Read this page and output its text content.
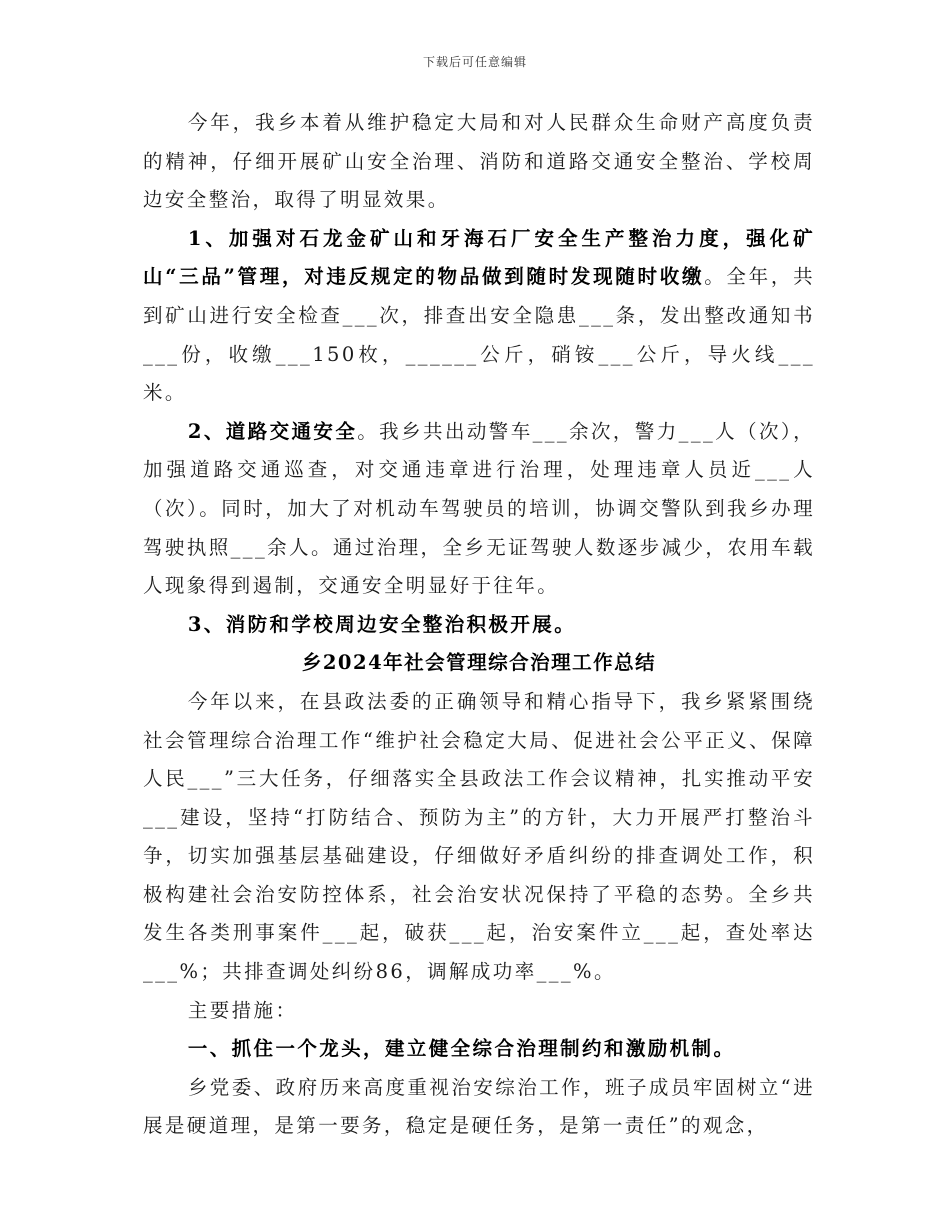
下载后可任意编辑

今年，我乡本着从维护稳定大局和对人民群众生命财产高度负责的精神，仔细开展矿山安全治理、消防和道路交通安全整治、学校周边安全整治，取得了明显效果。

1、加强对石龙金矿山和牙海石厂安全生产整治力度，强化矿山“三品”管理，对违反规定的物品做到随时发现随时收缴。全年，共到矿山进行安全检查___次，排查出安全隐患___条，发出整改通知书___份，收缴___150枚，______公斤，硝铵___公斤，导火线___米。

2、道路交通安全。我乡共出动警车___余次，警力___人（次），加强道路交通巡查，对交通违章进行治理，处理违章人员近___人（次）。同时，加大了对机动车驾驶员的培训，协调交警队到我乡办理驾驶执照___余人。通过治理，全乡无证驾驶人数逐步减少，农用车载人现象得到遏制，交通安全明显好于往年。

3、消防和学校周边安全整治积极开展。

乡2024年社会管理综合治理工作总结

今年以来，在县政法委的正确领导和精心指导下，我乡紧紧围绕社会管理综合治理工作“维护社会稳定大局、促进社会公平正义、保障人民___”三大任务，仔细落实全县政法工作会议精神，扎实推动平安___建设，坚持“打防结合、预防为主”的方针，大力开展严打整治斗争，切实加强基层基础建设，仔细做好矛盾纠纷的排查调处工作，积极构建社会治安防控体系，社会治安状况保持了平稳的态势。全乡共发生各类刑事案件___起，破获___起，治安案件立___起，查处率达___%；共排查调处纠纷86，调解成功率___%。

主要措施：

一、抓住一个龙头，建立健全综合治理制约和激励机制。

乡党委、政府历来高度重视治安综治工作，班子成员牢固树立“进展是硬道理，是第一要务，稳定是硬任务，是第一责任”的观念，
